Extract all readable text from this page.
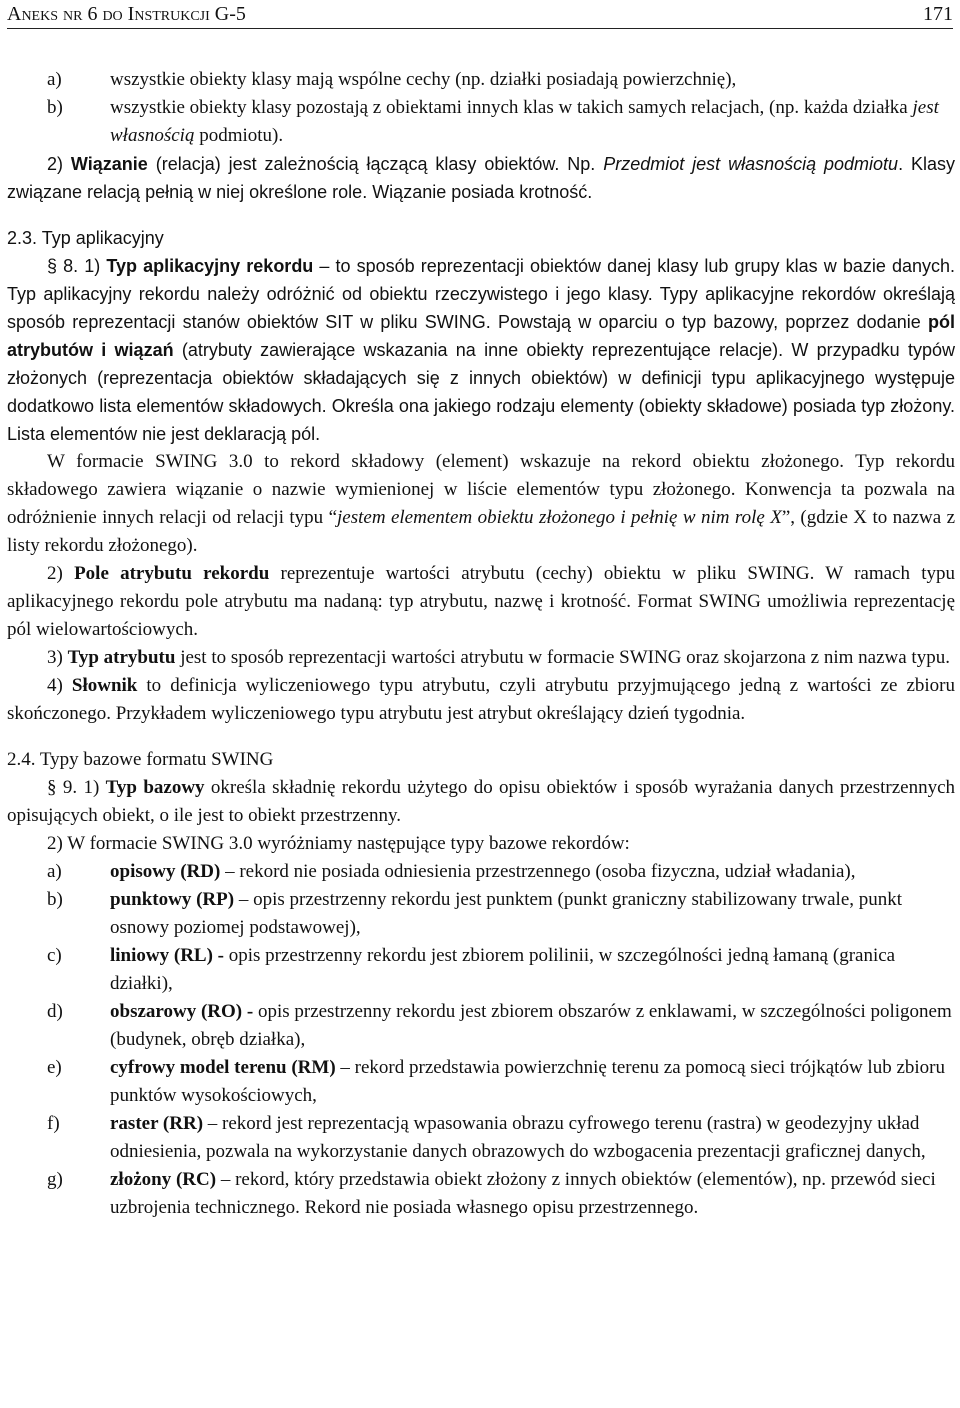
Aneks nr 6 do Instrukcji G-5	171
a)	wszystkie obiekty klasy mają wspólne cechy (np. działki posiadają powierzchnię),
b)	wszystkie obiekty klasy pozostają z obiektami innych klas w takich samych relacjach, (np. każda działka jest własnością podmiotu).

2) Wiązanie (relacja) jest zależnością łączącą klasy obiektów. Np. Przedmiot jest własnością podmiotu. Klasy związane relacją pełnią w niej określone role. Wiązanie posiada krotność.

2.3. Typ aplikacyjny

§ 8. 1) Typ aplikacyjny rekordu – to sposób reprezentacji obiektów danej klasy lub grupy klas w bazie danych. Typ aplikacyjny rekordu należy odróżnić od obiektu rzeczywistego i jego klasy. Typy aplikacyjne rekordów określają sposób reprezentacji stanów obiektów SIT w pliku SWING. Powstają w oparciu o typ bazowy, poprzez dodanie pól atrybutów i wiązań (atrybuty zawierające wskazania na inne obiekty reprezentujące relacje). W przypadku typów złożonych (reprezentacja obiektów składających się z innych obiektów) w definicji typu aplikacyjnego występuje dodatkowo lista elementów składowych. Określa ona jakiego rodzaju elementy (obiekty składowe) posiada typ złożony. Lista elementów nie jest deklaracją pól.

W formacie SWING 3.0 to rekord składowy (element) wskazuje na rekord obiektu złożonego. Typ rekordu składowego zawiera wiązanie o nazwie wymienionej w liście elementów typu złożonego. Konwencja ta pozwala na odróżnienie innych relacji od relacji typu “jestem elementem obiektu złożonego i pełnię w nim rolę X”, (gdzie X to nazwa z listy rekordu złożonego).

2) Pole atrybutu rekordu reprezentuje wartości atrybutu (cechy) obiektu w pliku SWING. W ramach typu aplikacyjnego rekordu pole atrybutu ma nadaną: typ atrybutu, nazwę i krotność. Format SWING umożliwia reprezentację pól wielowartościowych.

3) Typ atrybutu jest to sposób reprezentacji wartości atrybutu w formacie SWING oraz skojarzona z nim nazwa typu.

4) Słownik to definicja wyliczeniowego typu atrybutu, czyli atrybutu przyjmującego jedną z wartości ze zbioru skończonego. Przykładem wyliczeniowego typu atrybutu jest atrybut określający dzień tygodnia.

2.4. Typy bazowe formatu SWING

§ 9. 1) Typ bazowy określa składnię rekordu użytego do opisu obiektów i sposób wyrażania danych przestrzennych opisujących obiekt, o ile jest to obiekt przestrzenny.

2) W formacie SWING 3.0 wyróżniamy następujące typy bazowe rekordów:

a)	opisowy (RD) – rekord nie posiada odniesienia przestrzennego (osoba fizyczna, udział władania),
b)	punktowy (RP) – opis przestrzenny rekordu jest punktem (punkt graniczny stabilizowany trwale, punkt osnowy poziomej podstawowej),
c)	liniowy (RL) - opis przestrzenny rekordu jest zbiorem polilinii, w szczególności jedną łamaną (granica działki),
d)	obszarowy (RO) - opis przestrzenny rekordu jest zbiorem obszarów z enklawami, w szczególności poligonem (budynek, obręb działka),
e)	cyfrowy model terenu (RM) – rekord przedstawia powierzchnię terenu za pomocą sieci trójkątów lub zbioru punktów wysokościowych,
f)	raster (RR) – rekord jest reprezentacją wpasowania obrazu cyfrowego terenu (rastra) w geodezyjny układ odniesienia, pozwala na wykorzystanie danych obrazowych do wzbogacenia prezentacji graficznej danych,
g)	złożony (RC) – rekord, który przedstawia obiekt złożony z innych obiektów (elementów), np. przewód sieci uzbrojenia technicznego. Rekord nie posiada własnego opisu przestrzennego.
